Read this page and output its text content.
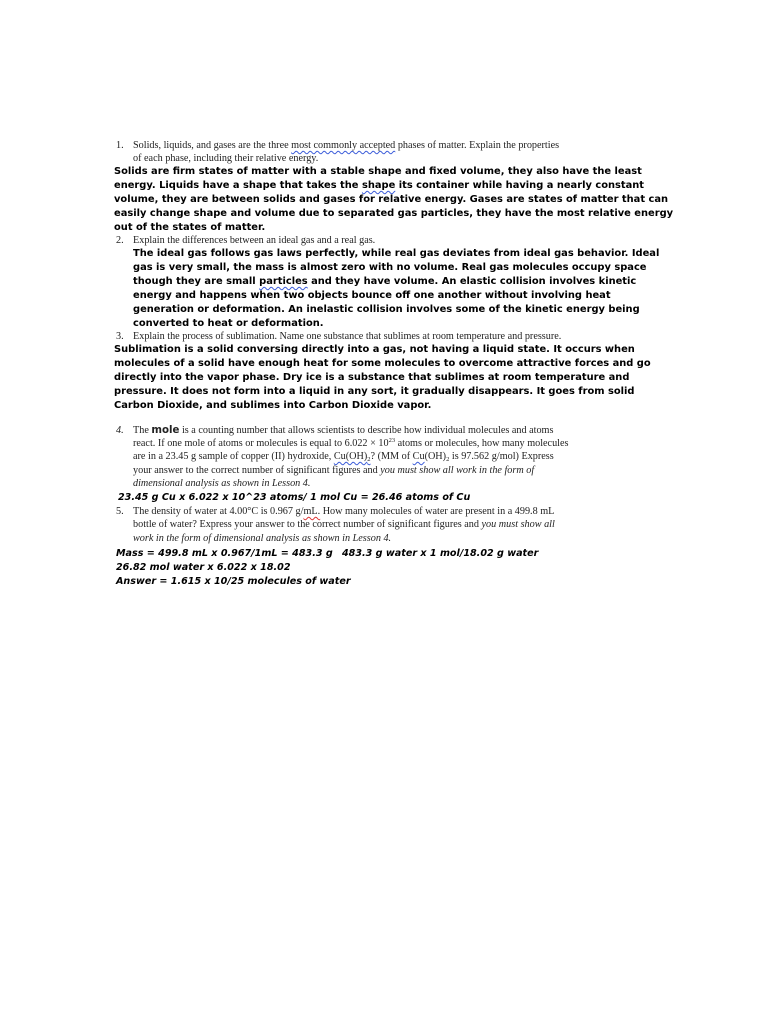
1. Solids, liquids, and gases are the three most commonly accepted phases of matter. Explain the properties
of each phase, including their relative energy.
Solids are firm states of matter with a stable shape and fixed volume, they also have the least
energy. Liquids have a shape that takes the shape its container while having a nearly constant
volume, they are between solids and gases for relative energy. Gases are states of matter that can
easily change shape and volume due to separated gas particles, they have the most relative energy
out of the states of matter.
2. Explain the differences between an ideal gas and a real gas.
The ideal gas follows gas laws perfectly, while real gas deviates from ideal gas behavior. Ideal
gas is very small, the mass is almost zero with no volume. Real gas molecules occupy space
though they are small particles and they have volume. An elastic collision involves kinetic
energy and happens when two objects bounce off one another without involving heat
generation or deformation. An inelastic collision involves some of the kinetic energy being
converted to heat or deformation.
3. Explain the process of sublimation. Name one substance that sublimes at room temperature and pressure.
Sublimation is a solid conversing directly into a gas, not having a liquid state. It occurs when
molecules of a solid have enough heat for some molecules to overcome attractive forces and go
directly into the vapor phase. Dry ice is a substance that sublimes at room temperature and
pressure. It does not form into a liquid in any sort, it gradually disappears. It goes from solid
Carbon Dioxide, and sublimes into Carbon Dioxide vapor.
4. The mole is a counting number that allows scientists to describe how individual molecules and atoms
react. If one mole of atoms or molecules is equal to $6.022 \times 10^{23}$ atoms or molecules, how many molecules
are in a 23.45 g sample of copper (II) hydroxide, $Cu(OH)_2$? (MM of $Cu(OH)_2$ is 97.562 g/mol) Express
your answer to the correct number of significant figures and you must show all work in the form of
dimensional analysis as shown in Lesson 4.
23.45 g Cu x 6.022 x 10^23 atoms/ 1 mol Cu = 26.46 atoms of Cu
5. The density of water at 4.00°C is 0.967 g/mL. How many molecules of water are present in a 499.8 mL
bottle of water? Express your answer to the correct number of significant figures and you must show all
work in the form of dimensional analysis as shown in Lesson 4.
Mass = 499.8 mL x 0.967/1mL = 483.3 g 483.3 g water x 1 mol/18.02 g water
26.82 mol water x 6.022 x 18.02
Answer = 1.615 x 10/25 molecules of water
